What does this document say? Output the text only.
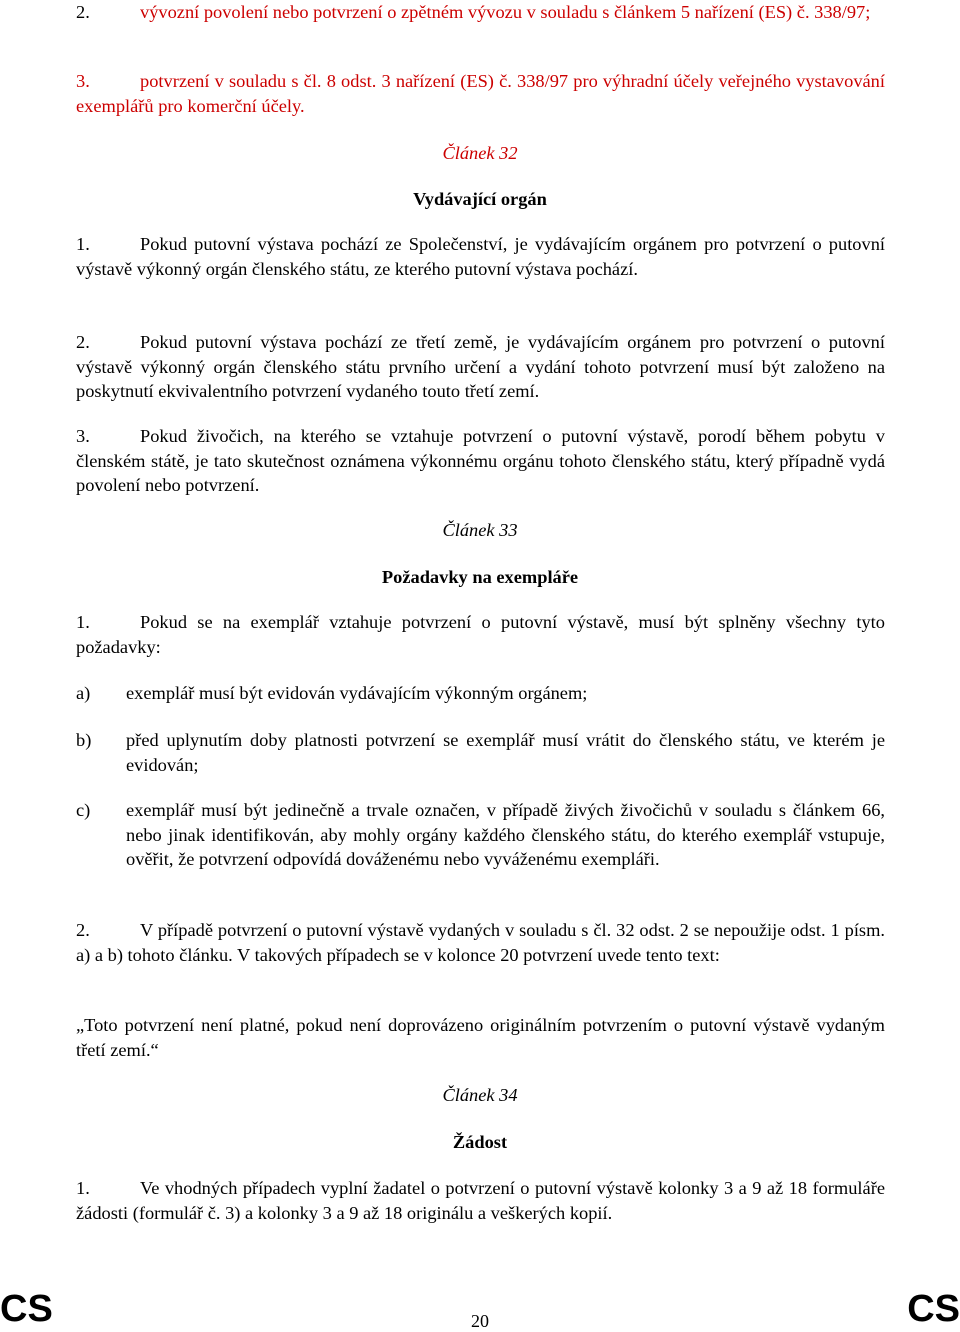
2.	vývozní povolení nebo potvrzení o zpětném vývozu v souladu s článkem 5 nařízení (ES) č. 338/97;

3.	potvrzení v souladu s čl. 8 odst. 3 nařízení (ES) č. 338/97 pro výhradní účely veřejného vystavování exemplářů pro komerční účely.

Článek 32

Vydávající orgán

1.	Pokud putovní výstava pochází ze Společenství, je vydávajícím orgánem pro potvrzení o putovní výstavě výkonný orgán členského státu, ze kterého putovní výstava pochází.

2.	Pokud putovní výstava pochází ze třetí země, je vydávajícím orgánem pro potvrzení o putovní výstavě výkonný orgán členského státu prvního určení a vydání tohoto potvrzení musí být založeno na poskytnutí ekvivalentního potvrzení vydaného touto třetí zemí.

3.	Pokud živočich, na kterého se vztahuje potvrzení o putovní výstavě, porodí během pobytu v členském státě, je tato skutečnost oznámena výkonnému orgánu tohoto členského státu, který případně vydá povolení nebo potvrzení.

Článek 33

Požadavky na exempláře

1.	Pokud se na exemplář vztahuje potvrzení o putovní výstavě, musí být splněny všechny tyto požadavky:

a) exemplář musí být evidován vydávajícím výkonným orgánem;
b) před uplynutím doby platnosti potvrzení se exemplář musí vrátit do členského státu, ve kterém je evidován;
c) exemplář musí být jedinečně a trvale označen, v případě živých živočichů v souladu s článkem 66, nebo jinak identifikován, aby mohly orgány každého členského státu, do kterého exemplář vstupuje, ověřit, že potvrzení odpovídá dováženému nebo vyváženému exempláři.

2.	V případě potvrzení o putovní výstavě vydaných v souladu s čl. 32 odst. 2 se nepoužije odst. 1 písm. a) a b) tohoto článku. V takových případech se v kolonce 20 potvrzení uvede tento text:

„Toto potvrzení není platné, pokud není doprovázeno originálním potvrzením o putovní výstavě vydaným třetí zemí.“

Článek 34

Žádost

1.	Ve vhodných případech vyplní žadatel o potvrzení o putovní výstavě kolonky 3 a 9 až 18 formuláře žádosti (formulář č. 3) a kolonky 3 a 9 až 18 originálu a veškerých kopií.

CS	20	CS
